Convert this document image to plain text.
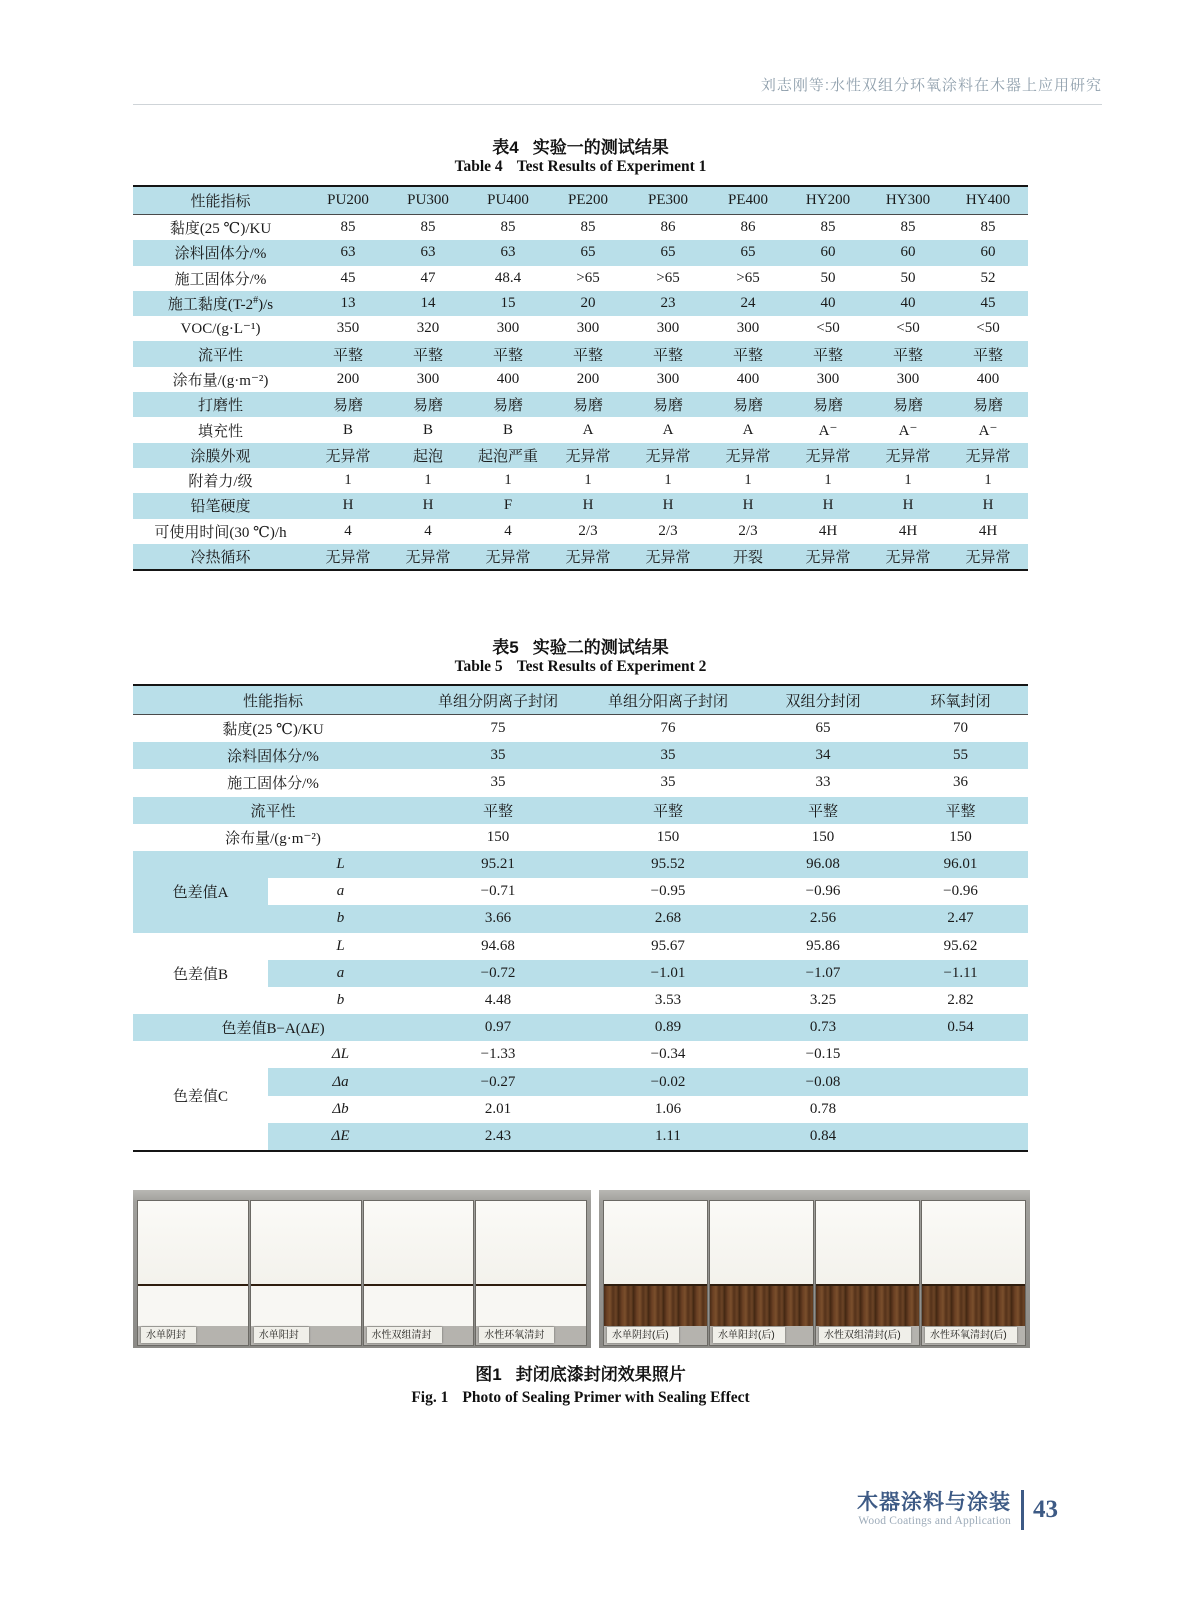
刘志刚等:水性双组分环氧涂料在木器上应用研究
表4 实验一的测试结果
Table 4 Test Results of Experiment 1
性能指标	PU200	PU300	PU400	PE200	PE300	PE400	HY200	HY300	HY400
黏度(25 ℃)/KU	85	85	85	85	86	86	85	85	85
涂料固体分/%	63	63	63	65	65	65	60	60	60
施工固体分/%	45	47	48.4	>65	>65	>65	50	50	52
施工黏度(T-2#)/s	13	14	15	20	23	24	40	40	45
VOC/(g·L⁻¹)	350	320	300	300	300	300	<50	<50	<50
流平性	平整	平整	平整	平整	平整	平整	平整	平整	平整
涂布量/(g·m⁻²)	200	300	400	200	300	400	300	300	400
打磨性	易磨	易磨	易磨	易磨	易磨	易磨	易磨	易磨	易磨
填充性	B	B	B	A	A	A	A⁻	A⁻	A⁻
涂膜外观	无异常	起泡	起泡严重	无异常	无异常	无异常	无异常	无异常	无异常
附着力/级	1	1	1	1	1	1	1	1	1
铅笔硬度	H	H	F	H	H	H	H	H	H
可使用时间(30 ℃)/h	4	4	4	2/3	2/3	2/3	4H	4H	4H
冷热循环	无异常	无异常	无异常	无异常	无异常	开裂	无异常	无异常	无异常
表5 实验二的测试结果
Table 5 Test Results of Experiment 2
性能指标		单组分阴离子封闭	单组分阳离子封闭	双组分封闭	环氧封闭
黏度(25 ℃)/KU		75	76	65	70
涂料固体分/%		35	35	34	55
施工固体分/%		35	35	33	36
流平性		平整	平整	平整	平整
涂布量/(g·m⁻²)		150	150	150	150
色差值A	L	95.21	95.52	96.08	96.01
	a	−0.71	−0.95	−0.96	−0.96
	b	3.66	2.68	2.56	2.47
色差值B	L	94.68	95.67	95.86	95.62
	a	−0.72	−1.01	−1.07	−1.11
	b	4.48	3.53	3.25	2.82
色差值B−A(ΔE)		0.97	0.89	0.73	0.54
色差值C	ΔL	−1.33	−0.34	−0.15	
	Δa	−0.27	−0.02	−0.08	
	Δb	2.01	1.06	0.78	
	ΔE	2.43	1.11	0.84	
水单阴封	水单阳封	水性双组清封	水性环氧清封	水单阴封(后)	水单阳封(后)	水性双组清封(后)	水性环氧清封(后)
图1 封闭底漆封闭效果照片
Fig. 1 Photo of Sealing Primer with Sealing Effect
木器涂料与涂装
Wood Coatings and Application 43
